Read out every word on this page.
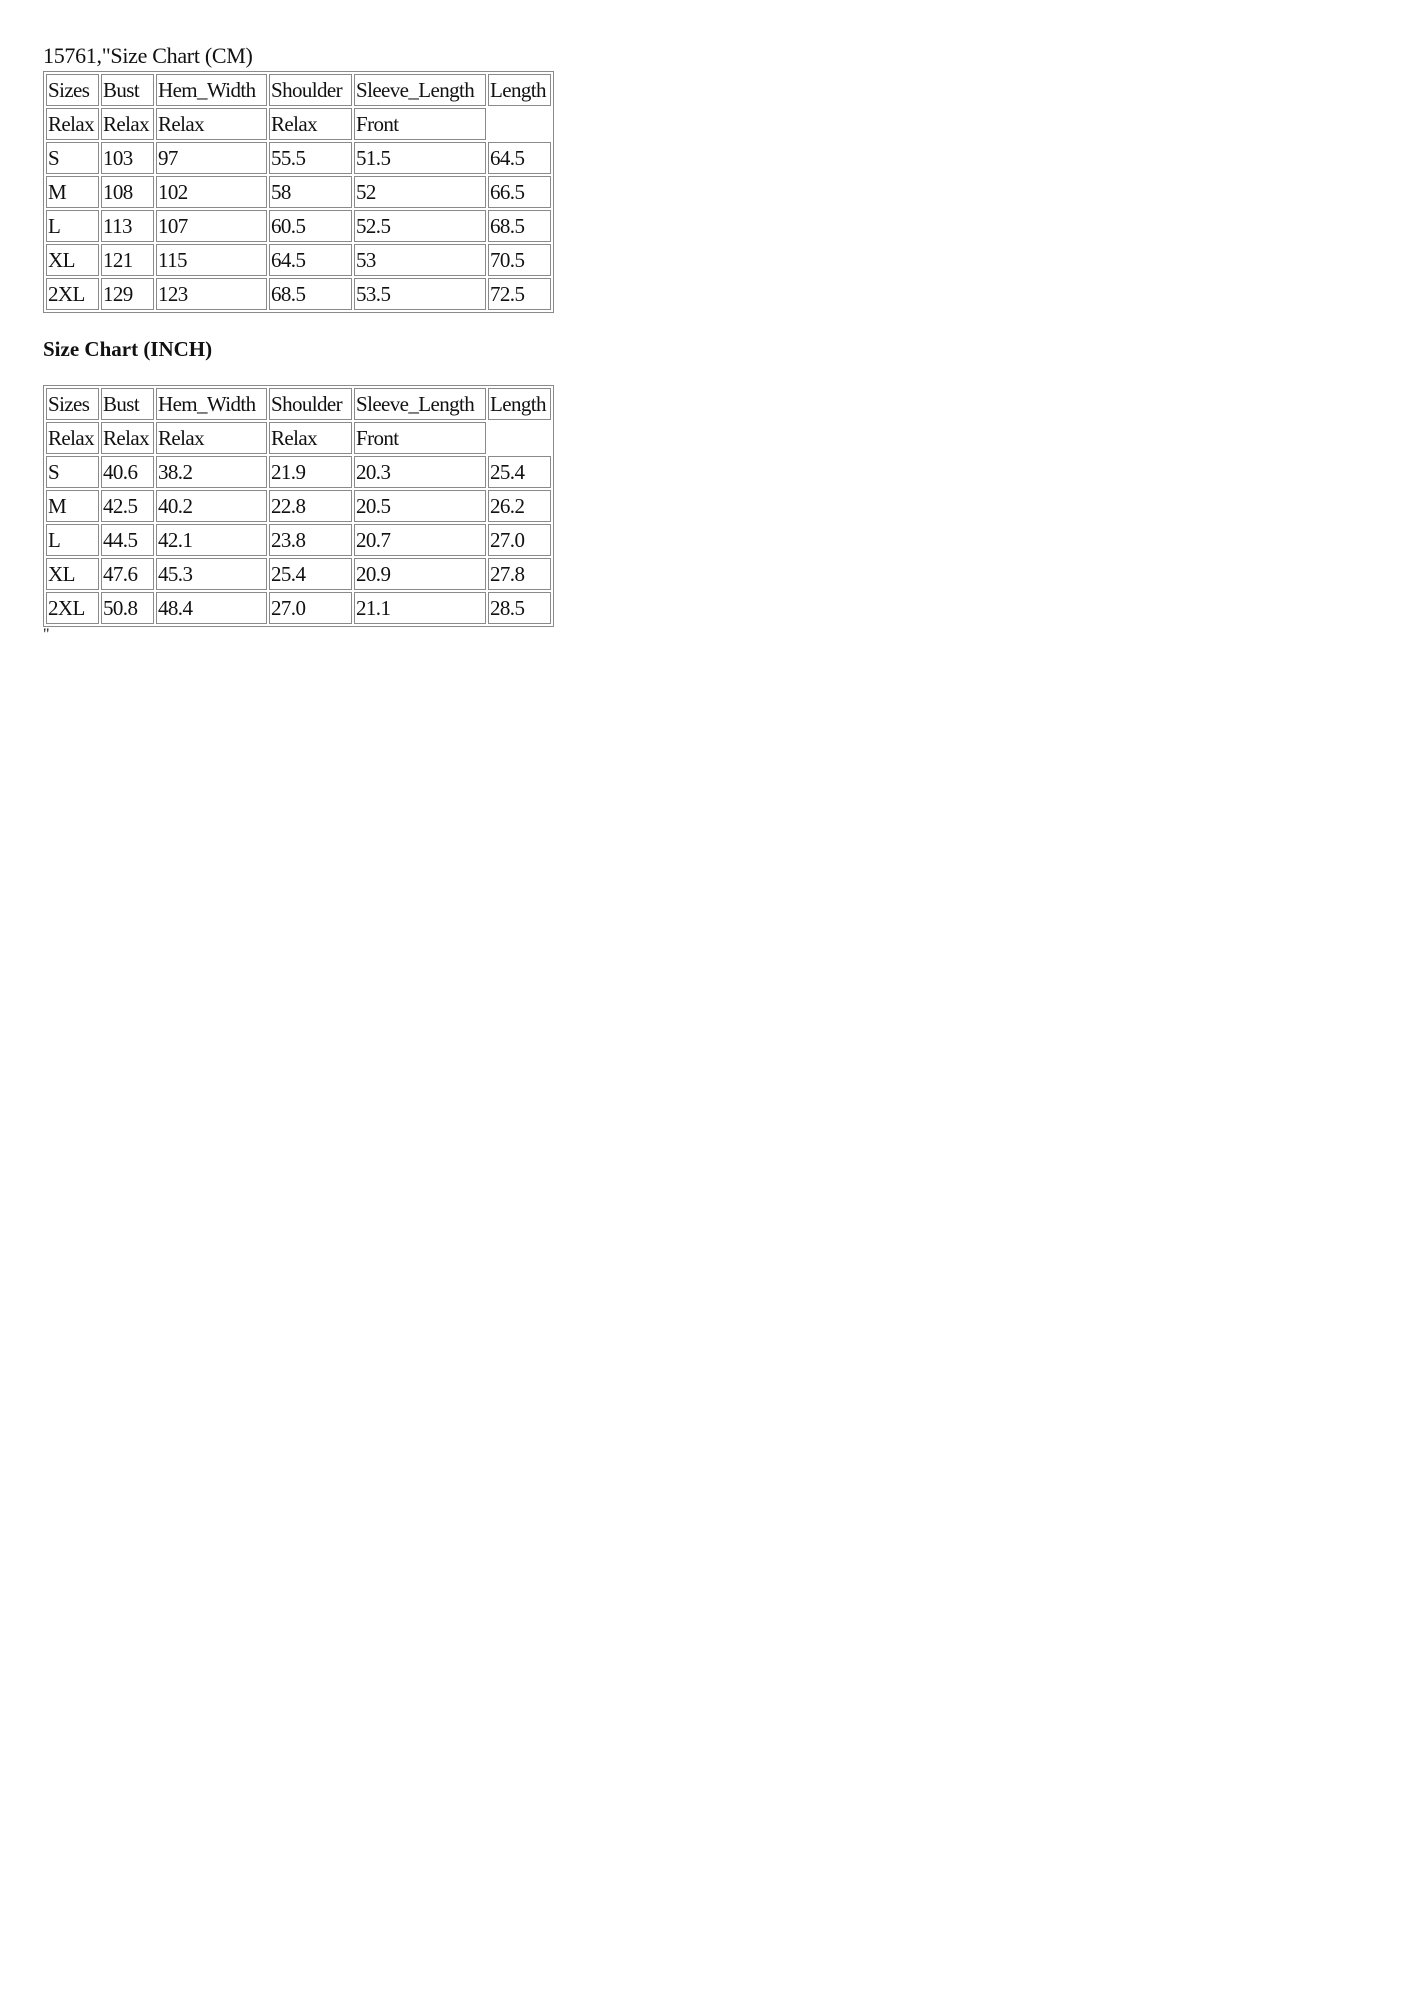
15761,"Size Chart (CM)
Sizes	Bust	Hem_Width	Shoulder	Sleeve_Length	Length
Relax	Relax	Relax	Relax	Front	
S	103	97	55.5	51.5	64.5
M	108	102	58	52	66.5
L	113	107	60.5	52.5	68.5
XL	121	115	64.5	53	70.5
2XL	129	123	68.5	53.5	72.5
Size Chart (INCH)
Sizes	Bust	Hem_Width	Shoulder	Sleeve_Length	Length
Relax	Relax	Relax	Relax	Front	
S	40.6	38.2	21.9	20.3	25.4
M	42.5	40.2	22.8	20.5	26.2
L	44.5	42.1	23.8	20.7	27.0
XL	47.6	45.3	25.4	20.9	27.8
2XL	50.8	48.4	27.0	21.1	28.5
"
